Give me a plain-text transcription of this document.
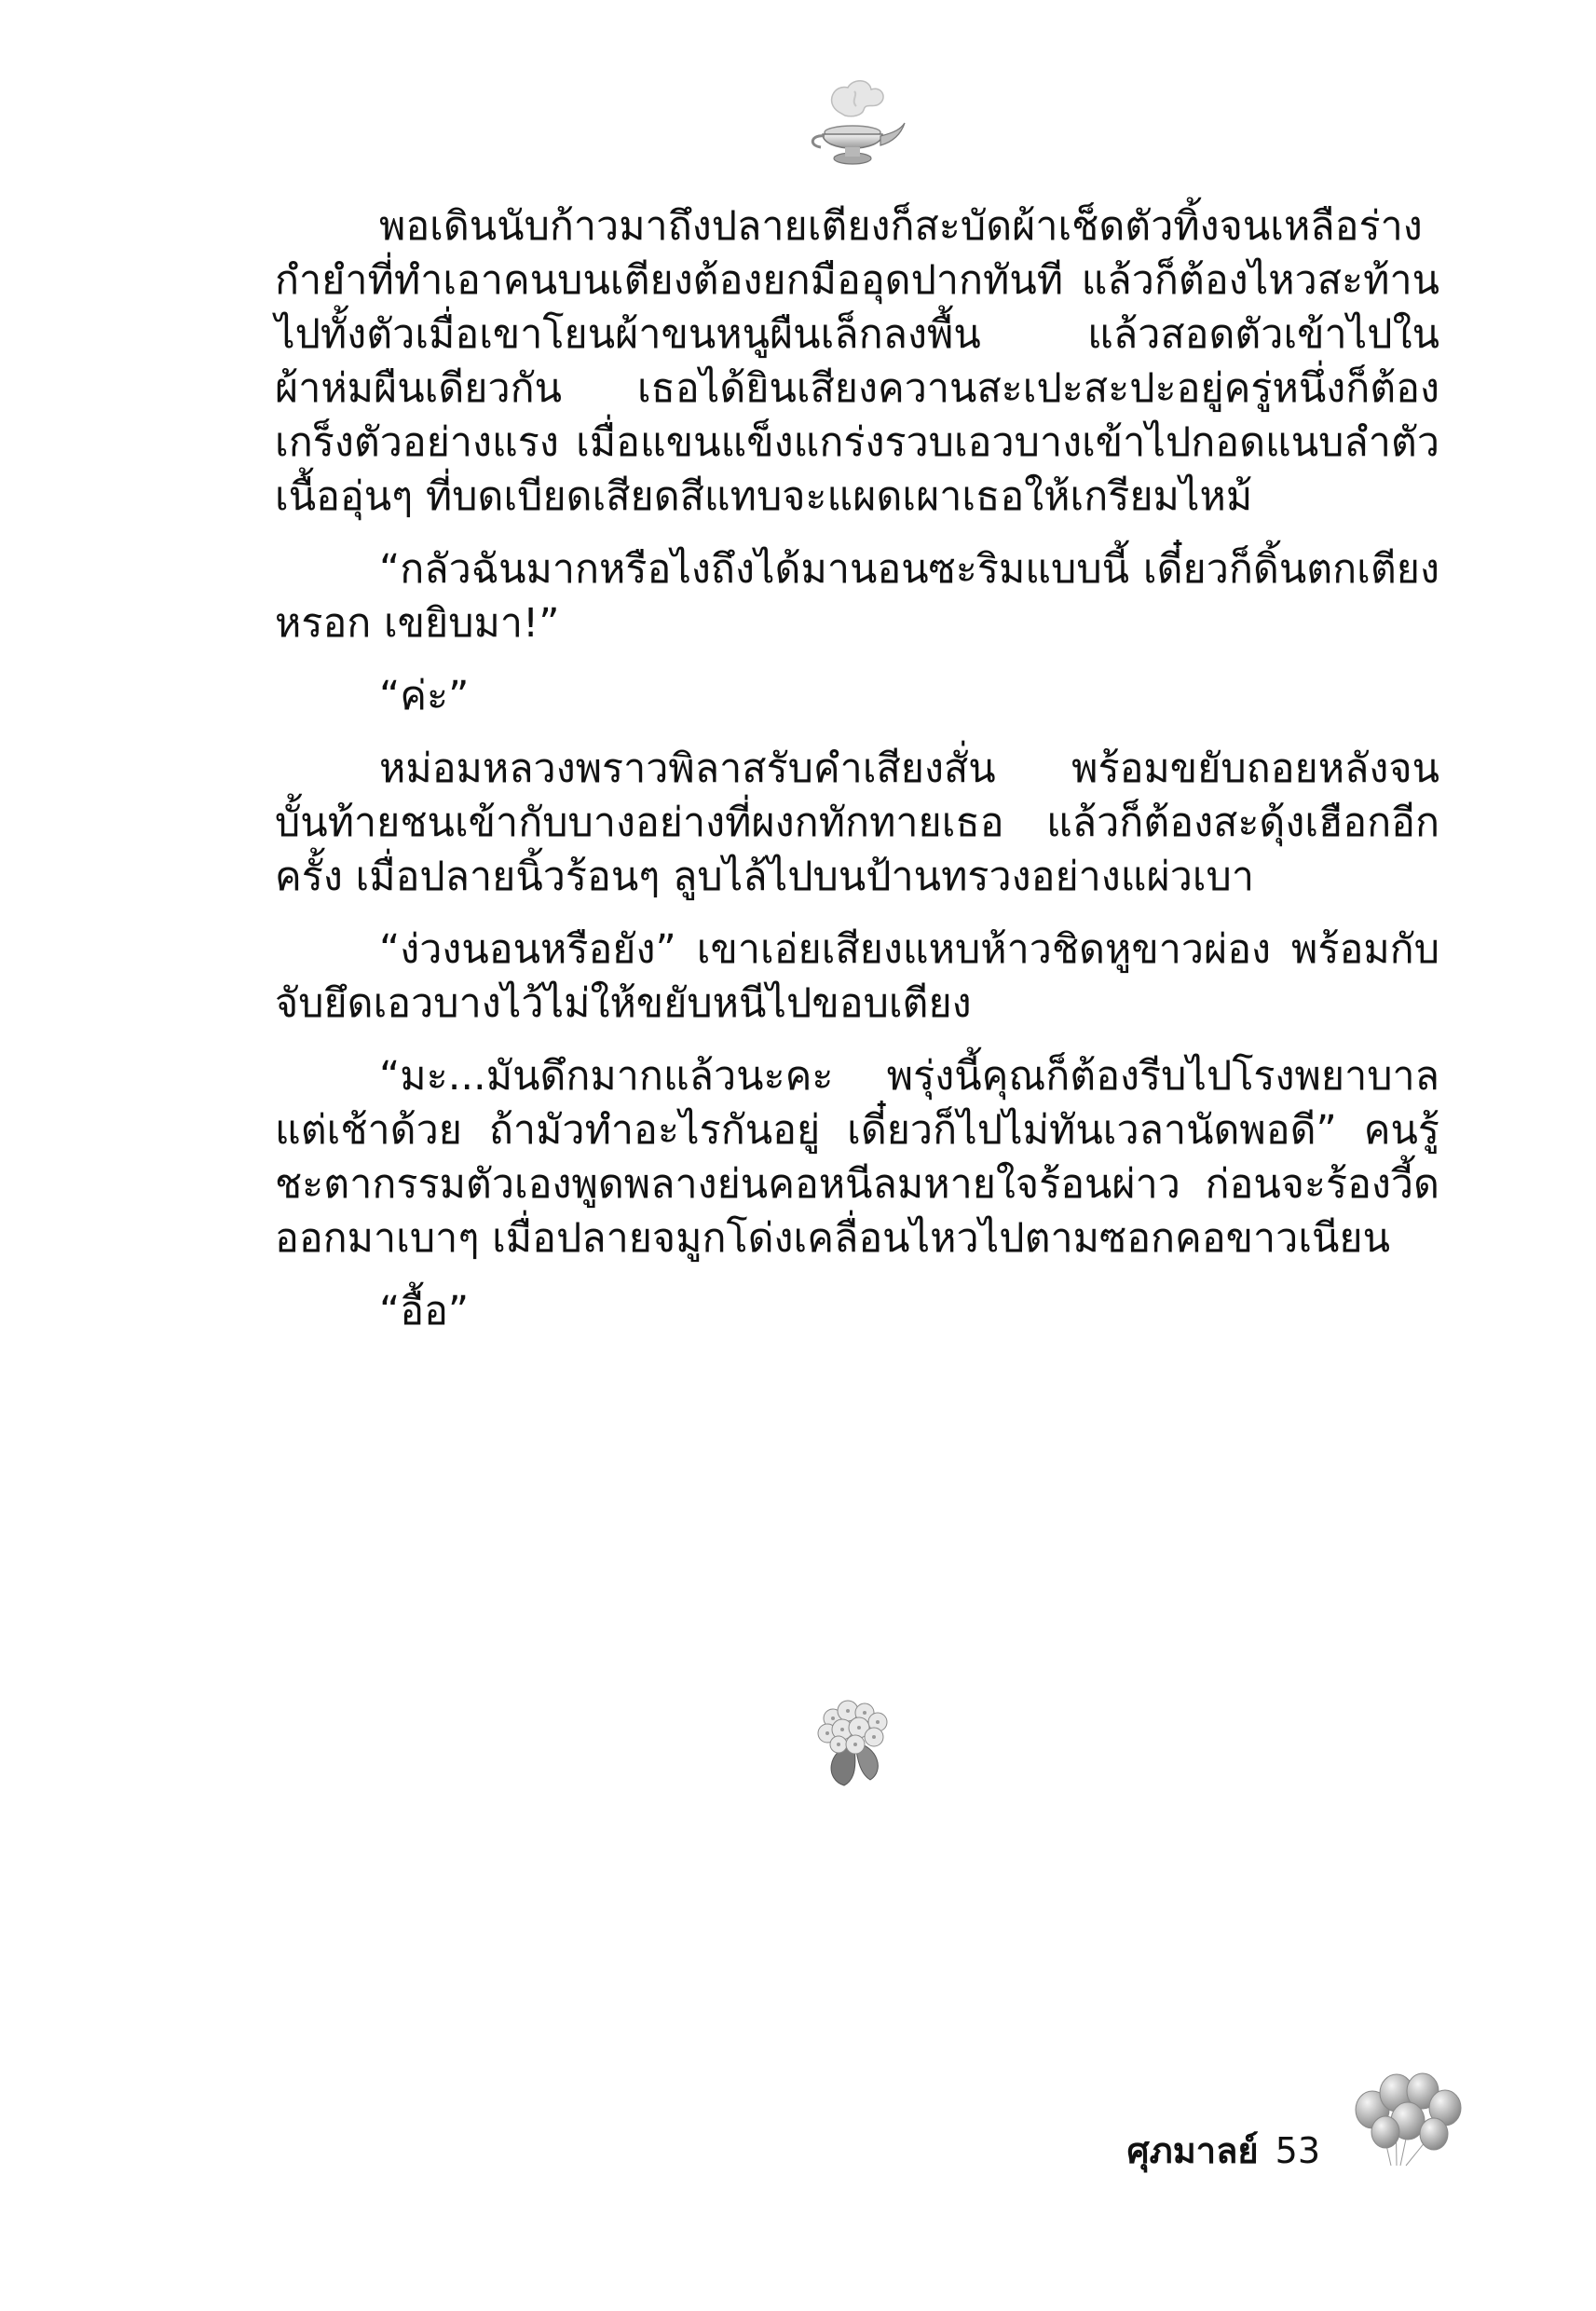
พอเดินนับก้าวมาถึงปลายเตียงก็สะบัดผ้าเช็ดตัวทิ้งจนเหลือร่างกำยำที่ทำเอาคนบนเตียงต้องยกมืออุดปากทันที แล้วก็ต้องไหวสะท้านไปทั้งตัวเมื่อเขาโยนผ้าขนหนูผืนเล็กลงพื้น แล้วสอดตัวเข้าไปในผ้าห่มผืนเดียวกัน เธอได้ยินเสียงควานสะเปะสะปะอยู่ครู่หนึ่งก็ต้องเกร็งตัวอย่างแรง เมื่อแขนแข็งแกร่งรวบเอวบางเข้าไปกอดแนบลำตัวเนื้ออุ่นๆ ที่บดเบียดเสียดสีแทบจะแผดเผาเธอให้เกรียมไหม้

“กลัวฉันมากหรือไงถึงได้มานอนซะริมแบบนี้ เดี๋ยวก็ดิ้นตกเตียงหรอก เขยิบมา!”

“ค่ะ”

หม่อมหลวงพราวพิลาสรับคำเสียงสั่น พร้อมขยับถอยหลังจนบั้นท้ายชนเข้ากับบางอย่างที่ผงกทักทายเธอ แล้วก็ต้องสะดุ้งเฮือกอีกครั้ง เมื่อปลายนิ้วร้อนๆ ลูบไล้ไปบนป้านทรวงอย่างแผ่วเบา

“ง่วงนอนหรือยัง” เขาเอ่ยเสียงแหบห้าวชิดหูขาวผ่อง พร้อมกับจับยึดเอวบางไว้ไม่ให้ขยับหนีไปขอบเตียง

“มะ...มันดึกมากแล้วนะคะ พรุ่งนี้คุณก็ต้องรีบไปโรงพยาบาลแต่เช้าด้วย ถ้ามัวทำอะไรกันอยู่ เดี๋ยวก็ไปไม่ทันเวลานัดพอดี” คนรู้ชะตากรรมตัวเองพูดพลางย่นคอหนีลมหายใจร้อนผ่าว ก่อนจะร้องวี้ดออกมาเบาๆ เมื่อปลายจมูกโด่งเคลื่อนไหวไปตามซอกคอขาวเนียน

“อื้อ”

ศุภมาลย์ 53
